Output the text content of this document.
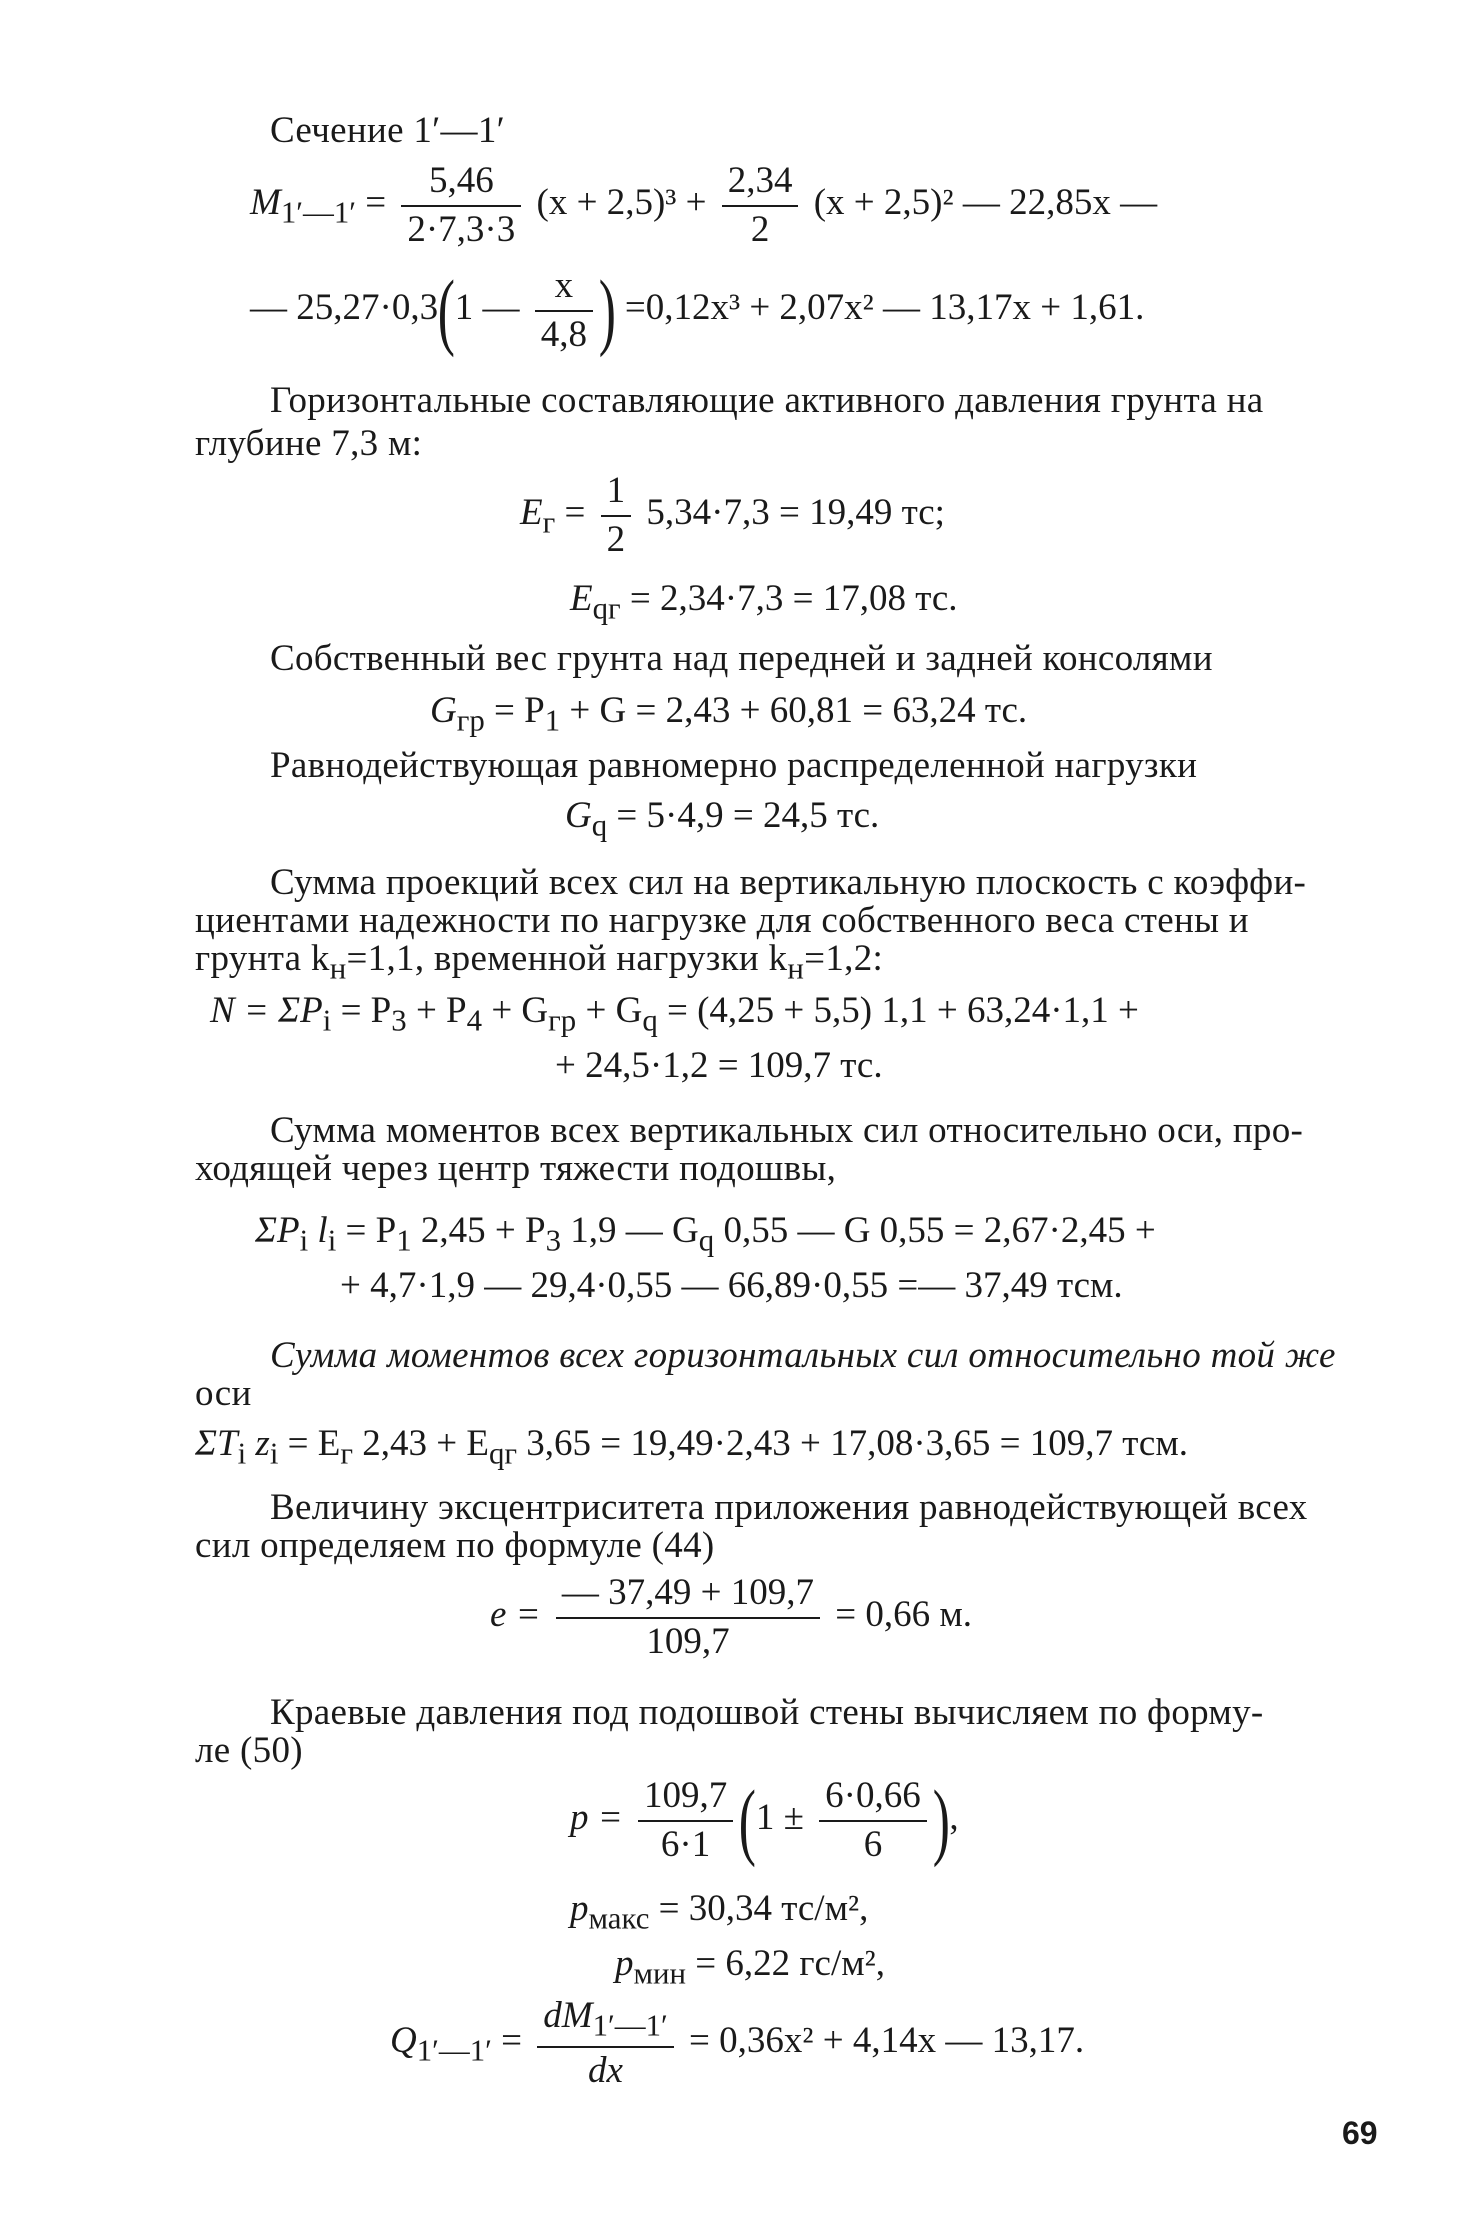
Сечение 1′—1′
$M_{1'—1'} = \frac{5,46}{2\cdot 7,3\cdot 3} (x + 2,5)^3 + \frac{2,34}{2} (x + 2,5)^2$ — 22,85x —
— 25,27·0,3(1 — $\frac{x}{4,8}$ ) =0,12x³ + 2,07x² — 13,17x + 1,61.
Горизонтальные составляющие активного давления грунта на
глубине 7,3 м:
$E_г = \frac{1}{2} 5,34\cdot 7,3 = 19,49$ тс;
$E_{qг} = 2,34\cdot 7,3 = 17,08$ тс.
Собственный вес грунта над передней и задней консолями
$G_{гр} = P_1 + G = 2,43 + 60,81 = 63,24$ тс.
Равнодействующая равномерно распределенной нагрузки
$G_q = 5\cdot 4,9 = 24,5$ тс.
Сумма проекций всех сил на вертикальную плоскость с коэффи-
циентами надежности по нагрузке для собственного веса стены и
грунта $k_н=1,1$, временной нагрузки $k_н=1,2$:
$N = \Sigma P_i = P_3 + P_4 + G_{гр} + G_q = (4,25 + 5,5) 1,1 + 63,24\cdot 1,1$ +
+ 24,5·1,2 = 109,7 тс.
Сумма моментов всех вертикальных сил относительно оси, про-
ходящей через центр тяжести подошвы,
$\Sigma P_i$ $l_i = P_1$ $2,45 + P_3$ 1,9 — $G_q$ 0,55 — G 0,55 = 2,67·2,45 +
+ 4,7·1,9 — 29,4·0,55 — 66,89·0,55 =— 37,49 тсм.
Сумма моментов всех горизонтальных сил относительно той же
оси
$\Sigma T_i$ $z_i = E_г$ $2,43 + E_{qг}$ 3,65 = 19,49·2,43 + 17,08·3,65 = 109,7 тсм.
Величину эксцентриситета приложения равнодействующей всех
сил определяем по формуле (44)
$e = \frac{— 37,49 + 109,7}{109,7} = 0,66$ м.
Краевые давления под подошвой стены вычисляем по форму-
ле (50)
$p = \frac{109,7}{6\cdot 1} (1 \pm \frac{6\cdot 0,66}{6}$ ),
$p_{макс} = 30,34$ тс/м²,
$p_{мин} = 6,22$ гс/м²,
$Q_{1'—1'} = \frac{dM_{1'—1'}}{dx} = 0,36x^2 + 4,14x$ — 13,17.
69
